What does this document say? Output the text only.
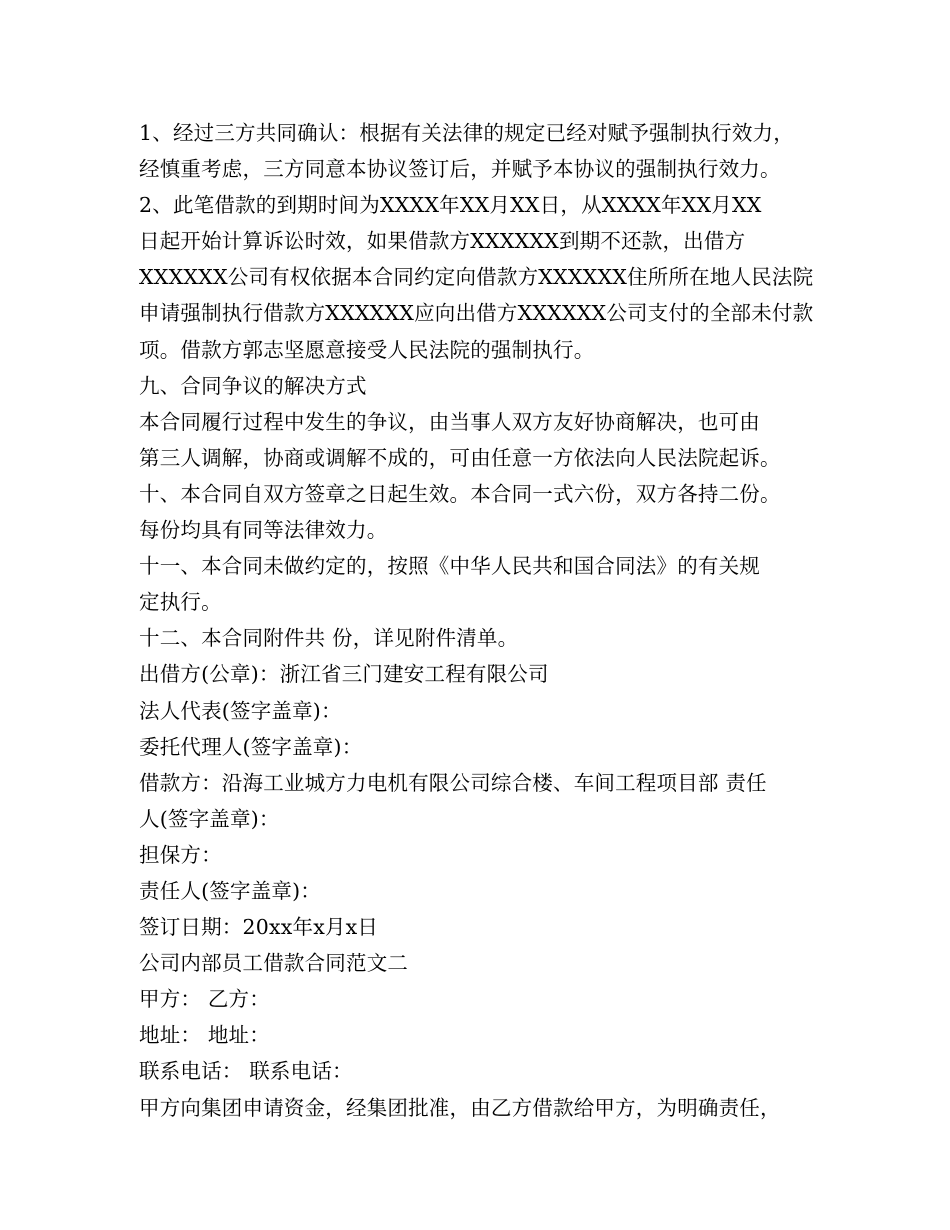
1、经过三方共同确认：根据有关法律的规定已经对赋予强制执行效力，
经慎重考虑，三方同意本协议签订后，并赋予本协议的强制执行效力。
2、此笔借款的到期时间为XXXX年XX月XX日，从XXXX年XX月XX
日起开始计算诉讼时效，如果借款方XXXXXX到期不还款，出借方
XXXXXX公司有权依据本合同约定向借款方XXXXXX住所所在地人民法院
申请强制执行借款方XXXXXX应向出借方XXXXXX公司支付的全部未付款
项。借款方郭志坚愿意接受人民法院的强制执行。
九、合同争议的解决方式
本合同履行过程中发生的争议，由当事人双方友好协商解决，也可由
第三人调解，协商或调解不成的，可由任意一方依法向人民法院起诉。
十、本合同自双方签章之日起生效。本合同一式六份，双方各持二份。
每份均具有同等法律效力。
十一、本合同未做约定的，按照《中华人民共和国合同法》的有关规
定执行。
十二、本合同附件共 份，详见附件清单。
出借方(公章)：浙江省三门建安工程有限公司
法人代表(签字盖章)：
委托代理人(签字盖章)：
借款方：沿海工业城方力电机有限公司综合楼、车间工程项目部 责任
人(签字盖章)：
担保方：
责任人(签字盖章)：
签订日期：20xx年x月x日
公司内部员工借款合同范文二
甲方： 乙方：
地址： 地址：
联系电话： 联系电话：
甲方向集团申请资金，经集团批准，由乙方借款给甲方，为明确责任，
